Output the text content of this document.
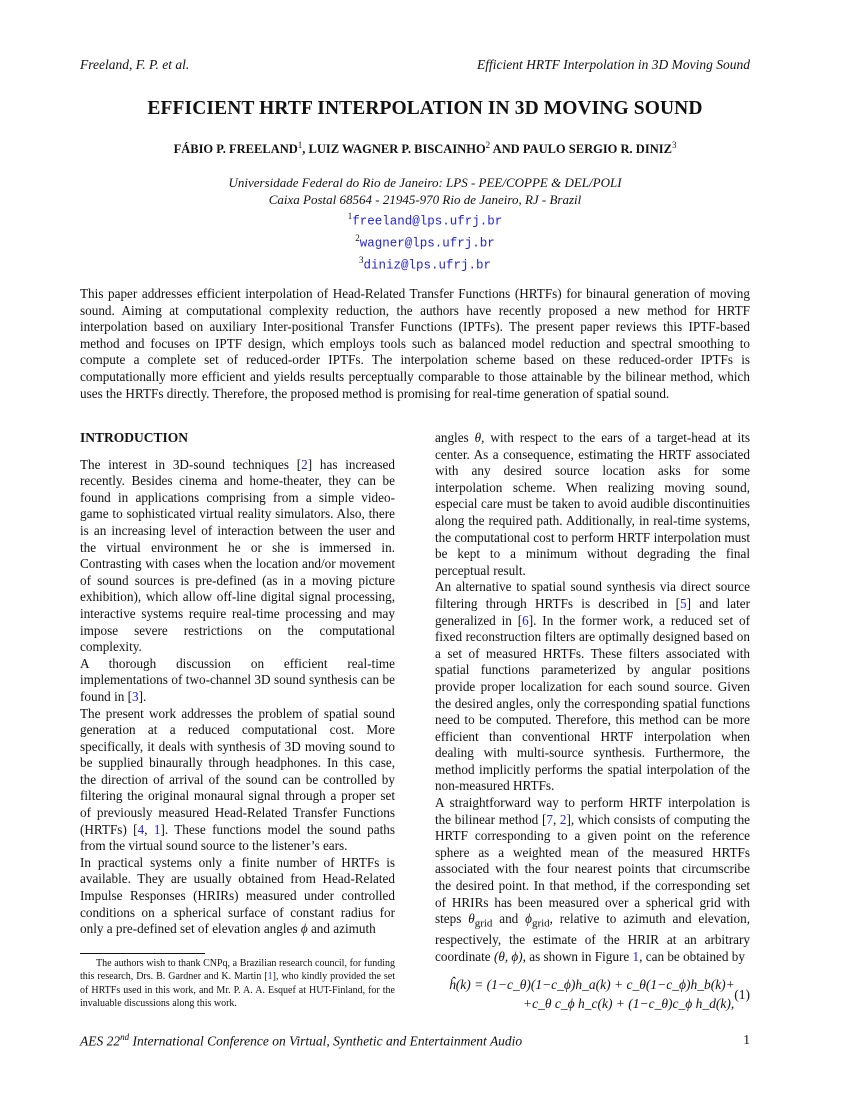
Freeland, F. P. et al.	Efficient HRTF Interpolation in 3D Moving Sound
EFFICIENT HRTF INTERPOLATION IN 3D MOVING SOUND
FÁBIO P. FREELAND$^1$, LUIZ WAGNER P. BISCAINHO$^2$ AND PAULO SERGIO R. DINIZ$^3$
Universidade Federal do Rio de Janeiro: LPS - PEE/COPPE & DEL/POLI
Caixa Postal 68564 - 21945-970 Rio de Janeiro, RJ - Brazil
$^1$freeland@lps.ufrj.br
$^2$wagner@lps.ufrj.br
$^3$diniz@lps.ufrj.br
This paper addresses efficient interpolation of Head-Related Transfer Functions (HRTFs) for binaural generation of moving sound. Aiming at computational complexity reduction, the authors have recently proposed a new method for HRTF interpolation based on auxiliary Inter-positional Transfer Functions (IPTFs). The present paper reviews this IPTF-based method and focuses on IPTF design, which employs tools such as balanced model reduction and spectral smoothing to compute a complete set of reduced-order IPTFs. The interpolation scheme based on these reduced-order IPTFs is computationally more efficient and yields results perceptually comparable to those attainable by the bilinear method, which uses the HRTFs directly. Therefore, the proposed method is promising for real-time generation of spatial sound.
INTRODUCTION

The interest in 3D-sound techniques [2] has increased recently. Besides cinema and home-theater, they can be found in applications comprising from a simple video-game to sophisticated virtual reality simulators. Also, there is an increasing level of interaction between the user and the virtual environment he or she is immersed in. Contrasting with cases when the location and/or movement of sound sources is pre-defined (as in a moving picture exhibition), which allow off-line digital signal processing, interactive systems require real-time processing and may impose severe restrictions on the computational complexity.

A thorough discussion on efficient real-time implementations of two-channel 3D sound synthesis can be found in [3].

The present work addresses the problem of spatial sound generation at a reduced computational cost. More specifically, it deals with synthesis of 3D moving sound to be supplied binaurally through headphones. In this case, the direction of arrival of the sound can be controlled by filtering the original monaural signal through a proper set of previously measured Head-Related Transfer Functions (HRTFs) [4, 1]. These functions model the sound paths from the virtual sound source to the listener’s ears.

In practical systems only a finite number of HRTFs is available. They are usually obtained from Head-Related Impulse Responses (HRIRs) measured under controlled conditions on a spherical surface of constant radius for only a pre-defined set of elevation angles ϕ and azimuth

The authors wish to thank CNPq, a Brazilian research council, for funding this research, Drs. B. Gardner and K. Martin [1], who kindly provided the set of HRTFs used in this work, and Mr. P. A. A. Esquef at HUT-Finland, for the invaluable discussions along this work.

angles θ, with respect to the ears of a target-head at its center. As a consequence, estimating the HRTF associated with any desired source location asks for some interpolation scheme. When realizing moving sound, especial care must be taken to avoid audible discontinuities along the required path. Additionally, in real-time systems, the computational cost to perform HRTF interpolation must be kept to a minimum without degrading the final perceptual result.

An alternative to spatial sound synthesis via direct source filtering through HRTFs is described in [5] and later generalized in [6]. In the former work, a reduced set of fixed reconstruction filters are optimally designed based on a set of measured HRTFs. These filters associated with spatial functions parameterized by angular positions provide proper localization for each sound source. Given the desired angles, only the corresponding spatial functions need to be computed. Therefore, this method can be more efficient than conventional HRTF interpolation when dealing with multi-source synthesis. Furthermore, the method implicitly performs the spatial interpolation of the non-measured HRTFs.

A straightforward way to perform HRTF interpolation is the bilinear method [7, 2], which consists of computing the HRTF corresponding to a given point on the reference sphere as a weighted mean of the measured HRTFs associated with the four nearest points that circumscribe the desired point. In that method, if the corresponding set of HRIRs has been measured over a spherical grid with steps $\theta_{grid}$ and $\phi_{grid}$, relative to azimuth and elevation, respectively, the estimate of the HRIR at an arbitrary coordinate (θ, ϕ), as shown in Figure 1, can be obtained by

ĥ(k) = (1−c_θ)(1−c_ϕ)h_a(k) + c_θ(1−c_ϕ)h_b(k)+
+c_θ c_ϕ h_c(k) + (1−c_θ)c_ϕ h_d(k),
(1)
AES 22nd International Conference on Virtual, Synthetic and Entertainment Audio	1
